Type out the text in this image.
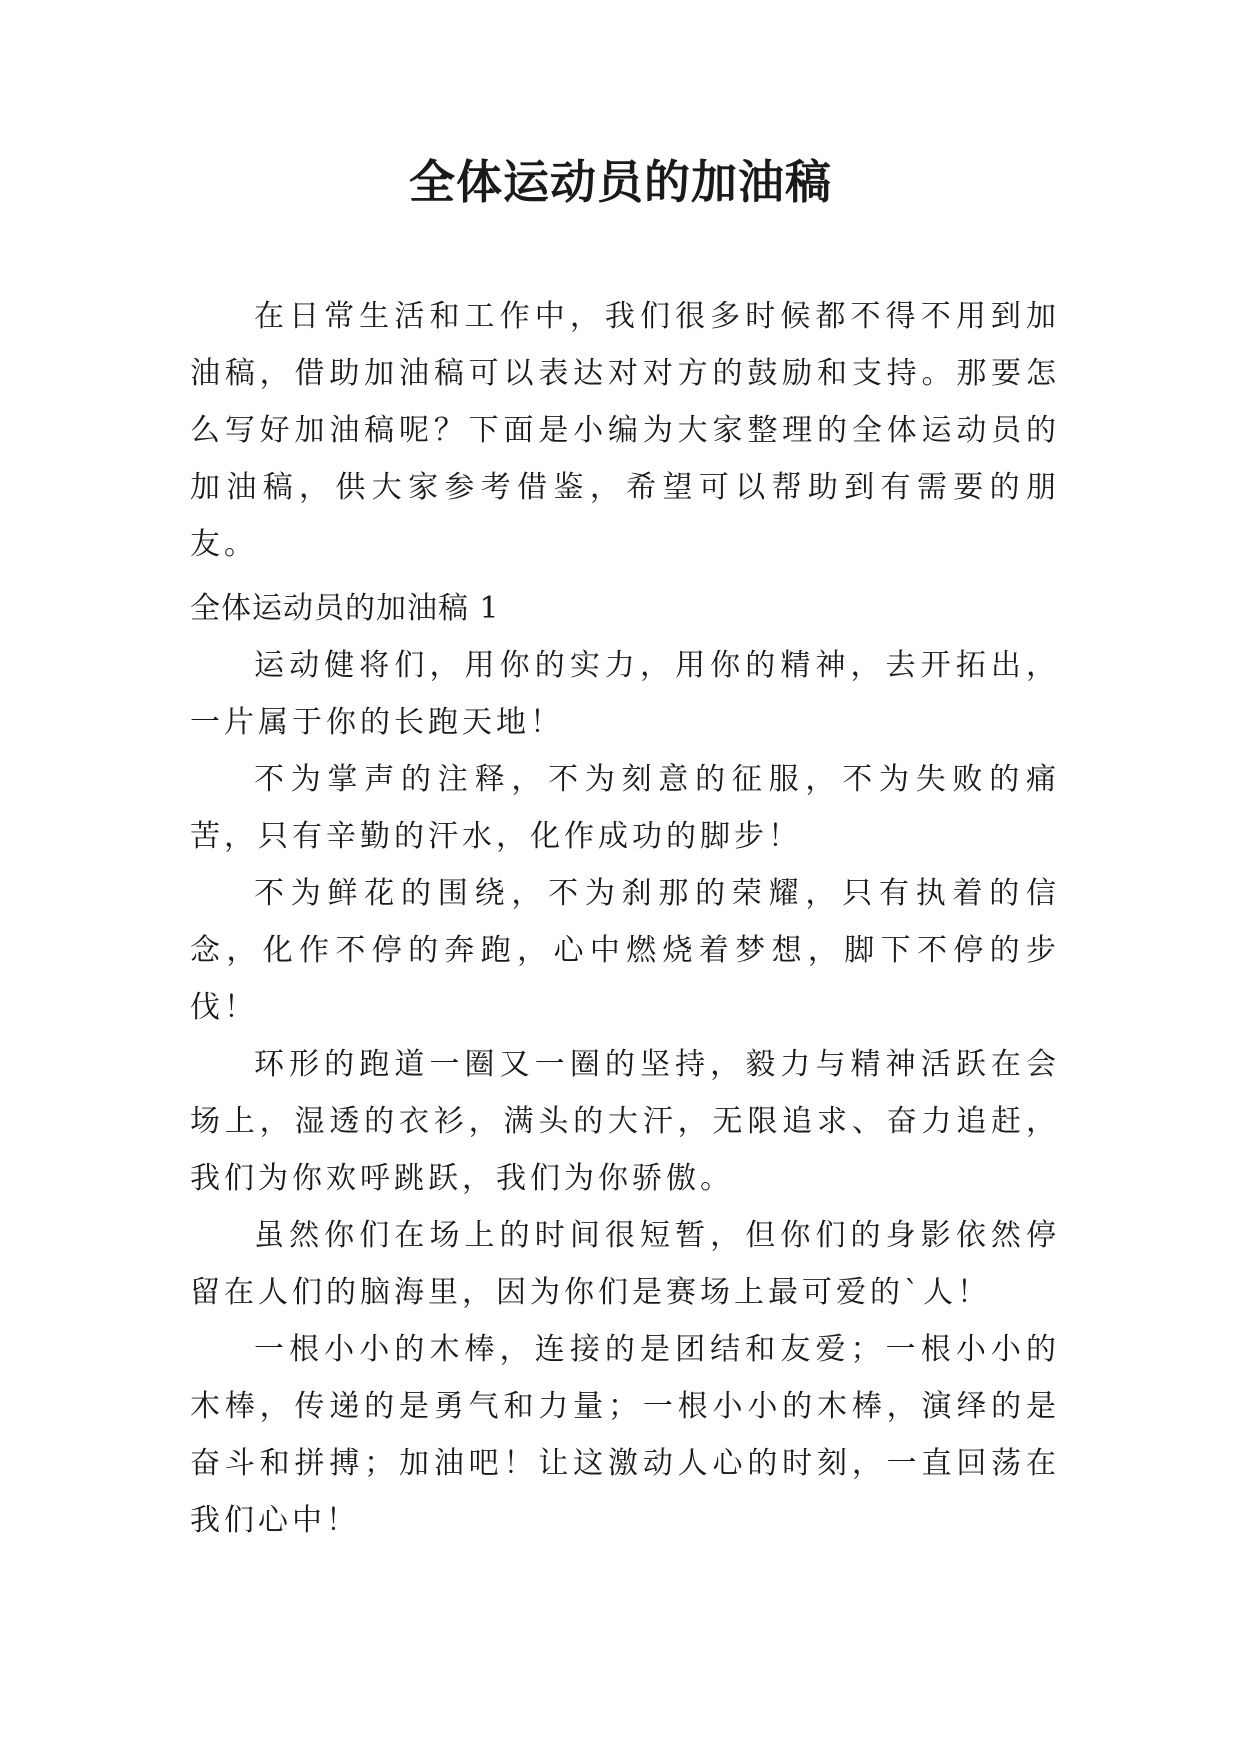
全体运动员的加油稿
在日常生活和工作中，我们很多时候都不得不用到加油稿，借助加油稿可以表达对对方的鼓励和支持。那要怎么写好加油稿呢？下面是小编为大家整理的全体运动员的加油稿，供大家参考借鉴，希望可以帮助到有需要的朋友。
全体运动员的加油稿 1

运动健将们，用你的实力，用你的精神，去开拓出，一片属于你的长跑天地！

不为掌声的注释，不为刻意的征服，不为失败的痛苦，只有辛勤的汗水，化作成功的脚步！

不为鲜花的围绕，不为刹那的荣耀，只有执着的信念，化作不停的奔跑，心中燃烧着梦想，脚下不停的步伐！

环形的跑道一圈又一圈的坚持，毅力与精神活跃在会场上，湿透的衣衫，满头的大汗，无限追求、奋力追赶，我们为你欢呼跳跃，我们为你骄傲。

虽然你们在场上的时间很短暂，但你们的身影依然停留在人们的脑海里，因为你们是赛场上最可爱的`人！

一根小小的木棒，连接的是团结和友爱；一根小小的木棒，传递的是勇气和力量；一根小小的木棒，演绎的是奋斗和拼搏；加油吧！让这激动人心的时刻，一直回荡在我们心中！
